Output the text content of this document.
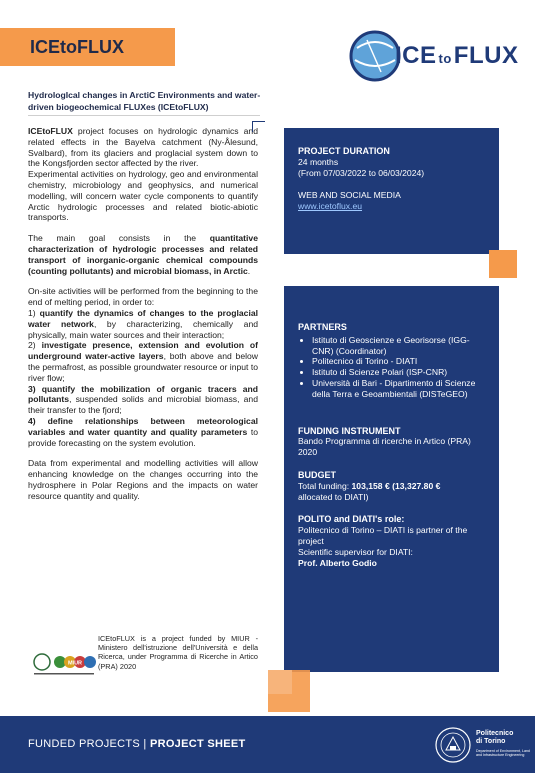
ICEtoFLUX	ICE toFLUX
HydrologIcal changes in ArctiC Environments and water-driven biogeochemical FLUXes (ICEtoFLUX)

ICEtoFLUX project focuses on hydrologic dynamics and related effects in the Bayelva catchment (Ny-Ålesund, Svalbard), from its glaciers and proglacial system down to the Kongsfjorden sector affected by the river.
Experimental activities on hydrology, geo and environmental chemistry, microbiology and geophysics, and numerical modelling, will concern water cycle components to quantify Arctic hydrologic processes and related biotic-abiotic transports.

The main goal consists in the quantitative characterization of hydrologic processes and related transport of inorganic-organic chemical compounds (counting pollutants) and microbial biomass, in Arctic.

On-site activities will be performed from the beginning to the end of melting period, in order to:
1) quantify the dynamics of changes to the proglacial water network, by characterizing, chemically and physically, main water sources and their interaction;
2) investigate presence, extension and evolution of underground water-active layers, both above and below the permafrost, as possible groundwater resource or input to river flow;
3) quantify the mobilization of organic tracers and pollutants, suspended solids and microbial biomass, and their transfer to the fjord;
4) define relationships between meteorological variables and water quantity and quality parameters to provide forecasting on the system evolution.

Data from experimental and modelling activities will allow enhancing knowledge on the changes occurring into the hydrosphere in Polar Regions and the impacts on water resource quantity and quality.

PROJECT DURATION
24 months
(From 07/03/2022 to 06/03/2024)
WEB AND SOCIAL MEDIA
www.icetoflux.eu
PARTNERS
• Istituto di Geoscienze e Georisorse (IGG-CNR) (Coordinator)
• Politecnico di Torino - DIATI
• Istituto di Scienze Polari (ISP-CNR)
• Università di Bari - Dipartimento di Scienze della Terra e Geoambientali (DISTeGEO)
FUNDING INSTRUMENT
Bando Programma di ricerche in Artico (PRA) 2020
BUDGET
Total funding: 103,158 € (13,327.80 €
allocated to DIATI)
POLITO and DIATI's role:
Politecnico di Torino – DIATI is partner of the project
Scientific supervisor for DIATI:
Prof. Alberto Godio
MIUR
ICEtoFLUX is a project funded by MIUR - Ministero dell'istruzione dell'Università e della Ricerca, under Programma di Ricerche in Artico (PRA) 2020
FUNDED PROJECTS | PROJECT SHEET
Politecnico
di Torino
Department of Environment, Land and Infrastructure Engineering
